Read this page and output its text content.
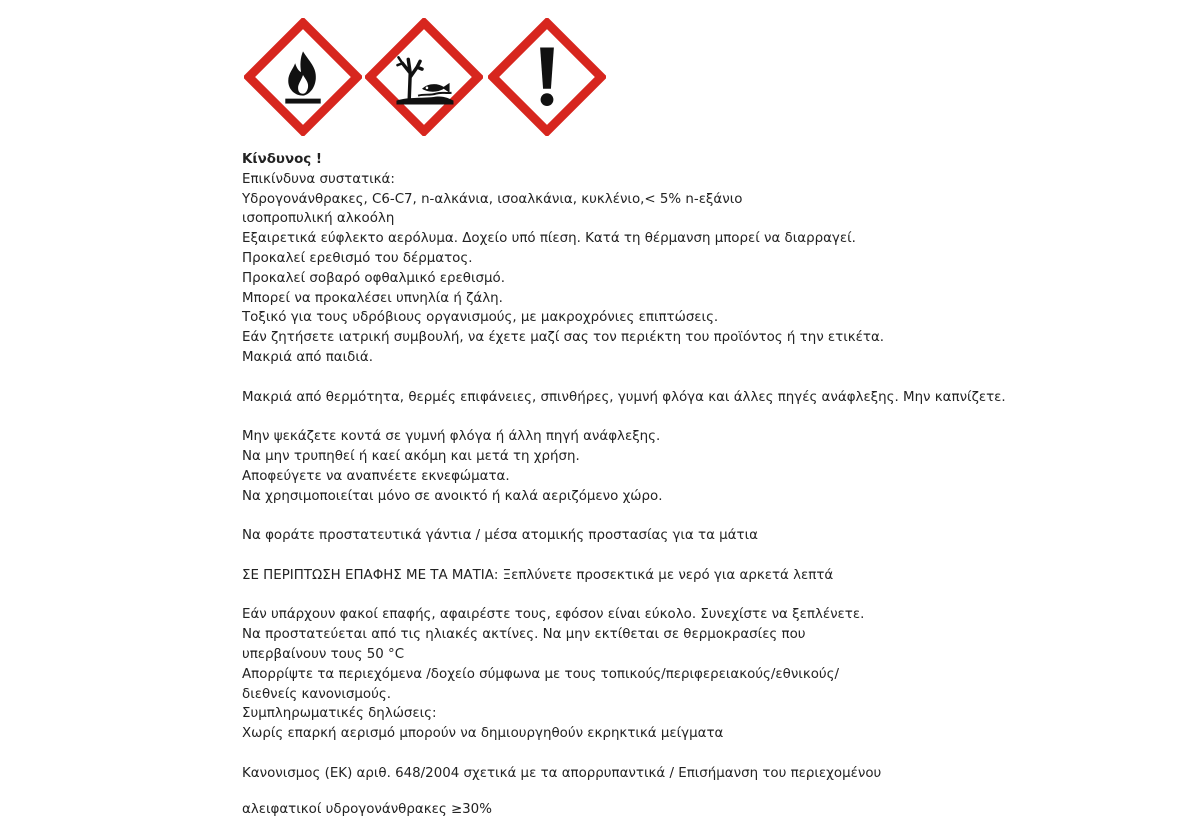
Κίνδυνος !

Επικίνδυνα συστατικά:

Υδρογονάνθρακες, C6-C7, n-αλκάνια, ισοαλκάνια, κυκλένιο,< 5% n-εξάνιο

ισοπροπυλική αλκοόλη

Εξαιρετικά εύφλεκτο αερόλυμα. Δοχείο υπό πίεση. Κατά τη θέρμανση μπορεί να διαρραγεί.

Προκαλεί ερεθισμό του δέρματος.

Προκαλεί σοβαρό οφθαλμικό ερεθισμό.

Μπορεί να προκαλέσει υπνηλία ή ζάλη.

Τοξικό για τους υδρόβιους οργανισμούς, με μακροχρόνιες επιπτώσεις.

Εάν ζητήσετε ιατρική συμβουλή, να έχετε μαζί σας τον περιέκτη του προϊόντος ή την ετικέτα.

Μακριά από παιδιά.

Μακριά από θερμότητα, θερμές επιφάνειες, σπινθήρες, γυμνή φλόγα και άλλες πηγές ανάφλεξης. Μην καπνίζετε.

Μην ψεκάζετε κοντά σε γυμνή φλόγα ή άλλη πηγή ανάφλεξης.

Να μην τρυπηθεί ή καεί ακόμη και μετά τη χρήση.

Αποφεύγετε να αναπνέετε εκνεφώματα.

Να χρησιμοποιείται μόνο σε ανοικτό ή καλά αεριζόμενο χώρο.

Να φοράτε προστατευτικά γάντια / μέσα ατομικής προστασίας για τα μάτια

ΣΕ ΠΕΡΙΠΤΩΣΗ ΕΠΑΦΗΣ ΜΕ ΤΑ ΜΑΤΙΑ: Ξεπλύνετε προσεκτικά με νερό για αρκετά λεπτά

Εάν υπάρχουν φακοί επαφής, αφαιρέστε τους, εφόσον είναι εύκολο. Συνεχίστε να ξεπλένετε.

Να προστατεύεται από τις ηλιακές ακτίνες. Να μην εκτίθεται σε θερμοκρασίες που

υπερβαίνουν τους 50 °C

Απορρίψτε τα περιεχόμενα /δοχείο σύμφωνα με τους τοπικούς/περιφερειακούς/εθνικούς/

διεθνείς κανονισμούς.

Συμπληρωματικές δηλώσεις:

Χωρίς επαρκή αερισμό μπορούν να δημιουργηθούν εκρηκτικά μείγματα

Κανονισμος (ΕΚ) αριθ. 648/2004 σχετικά με τα απορρυπαντικά / Επισήμανση του περιεχομένου

αλειφατικοί υδρογονάνθρακες ≥30%
